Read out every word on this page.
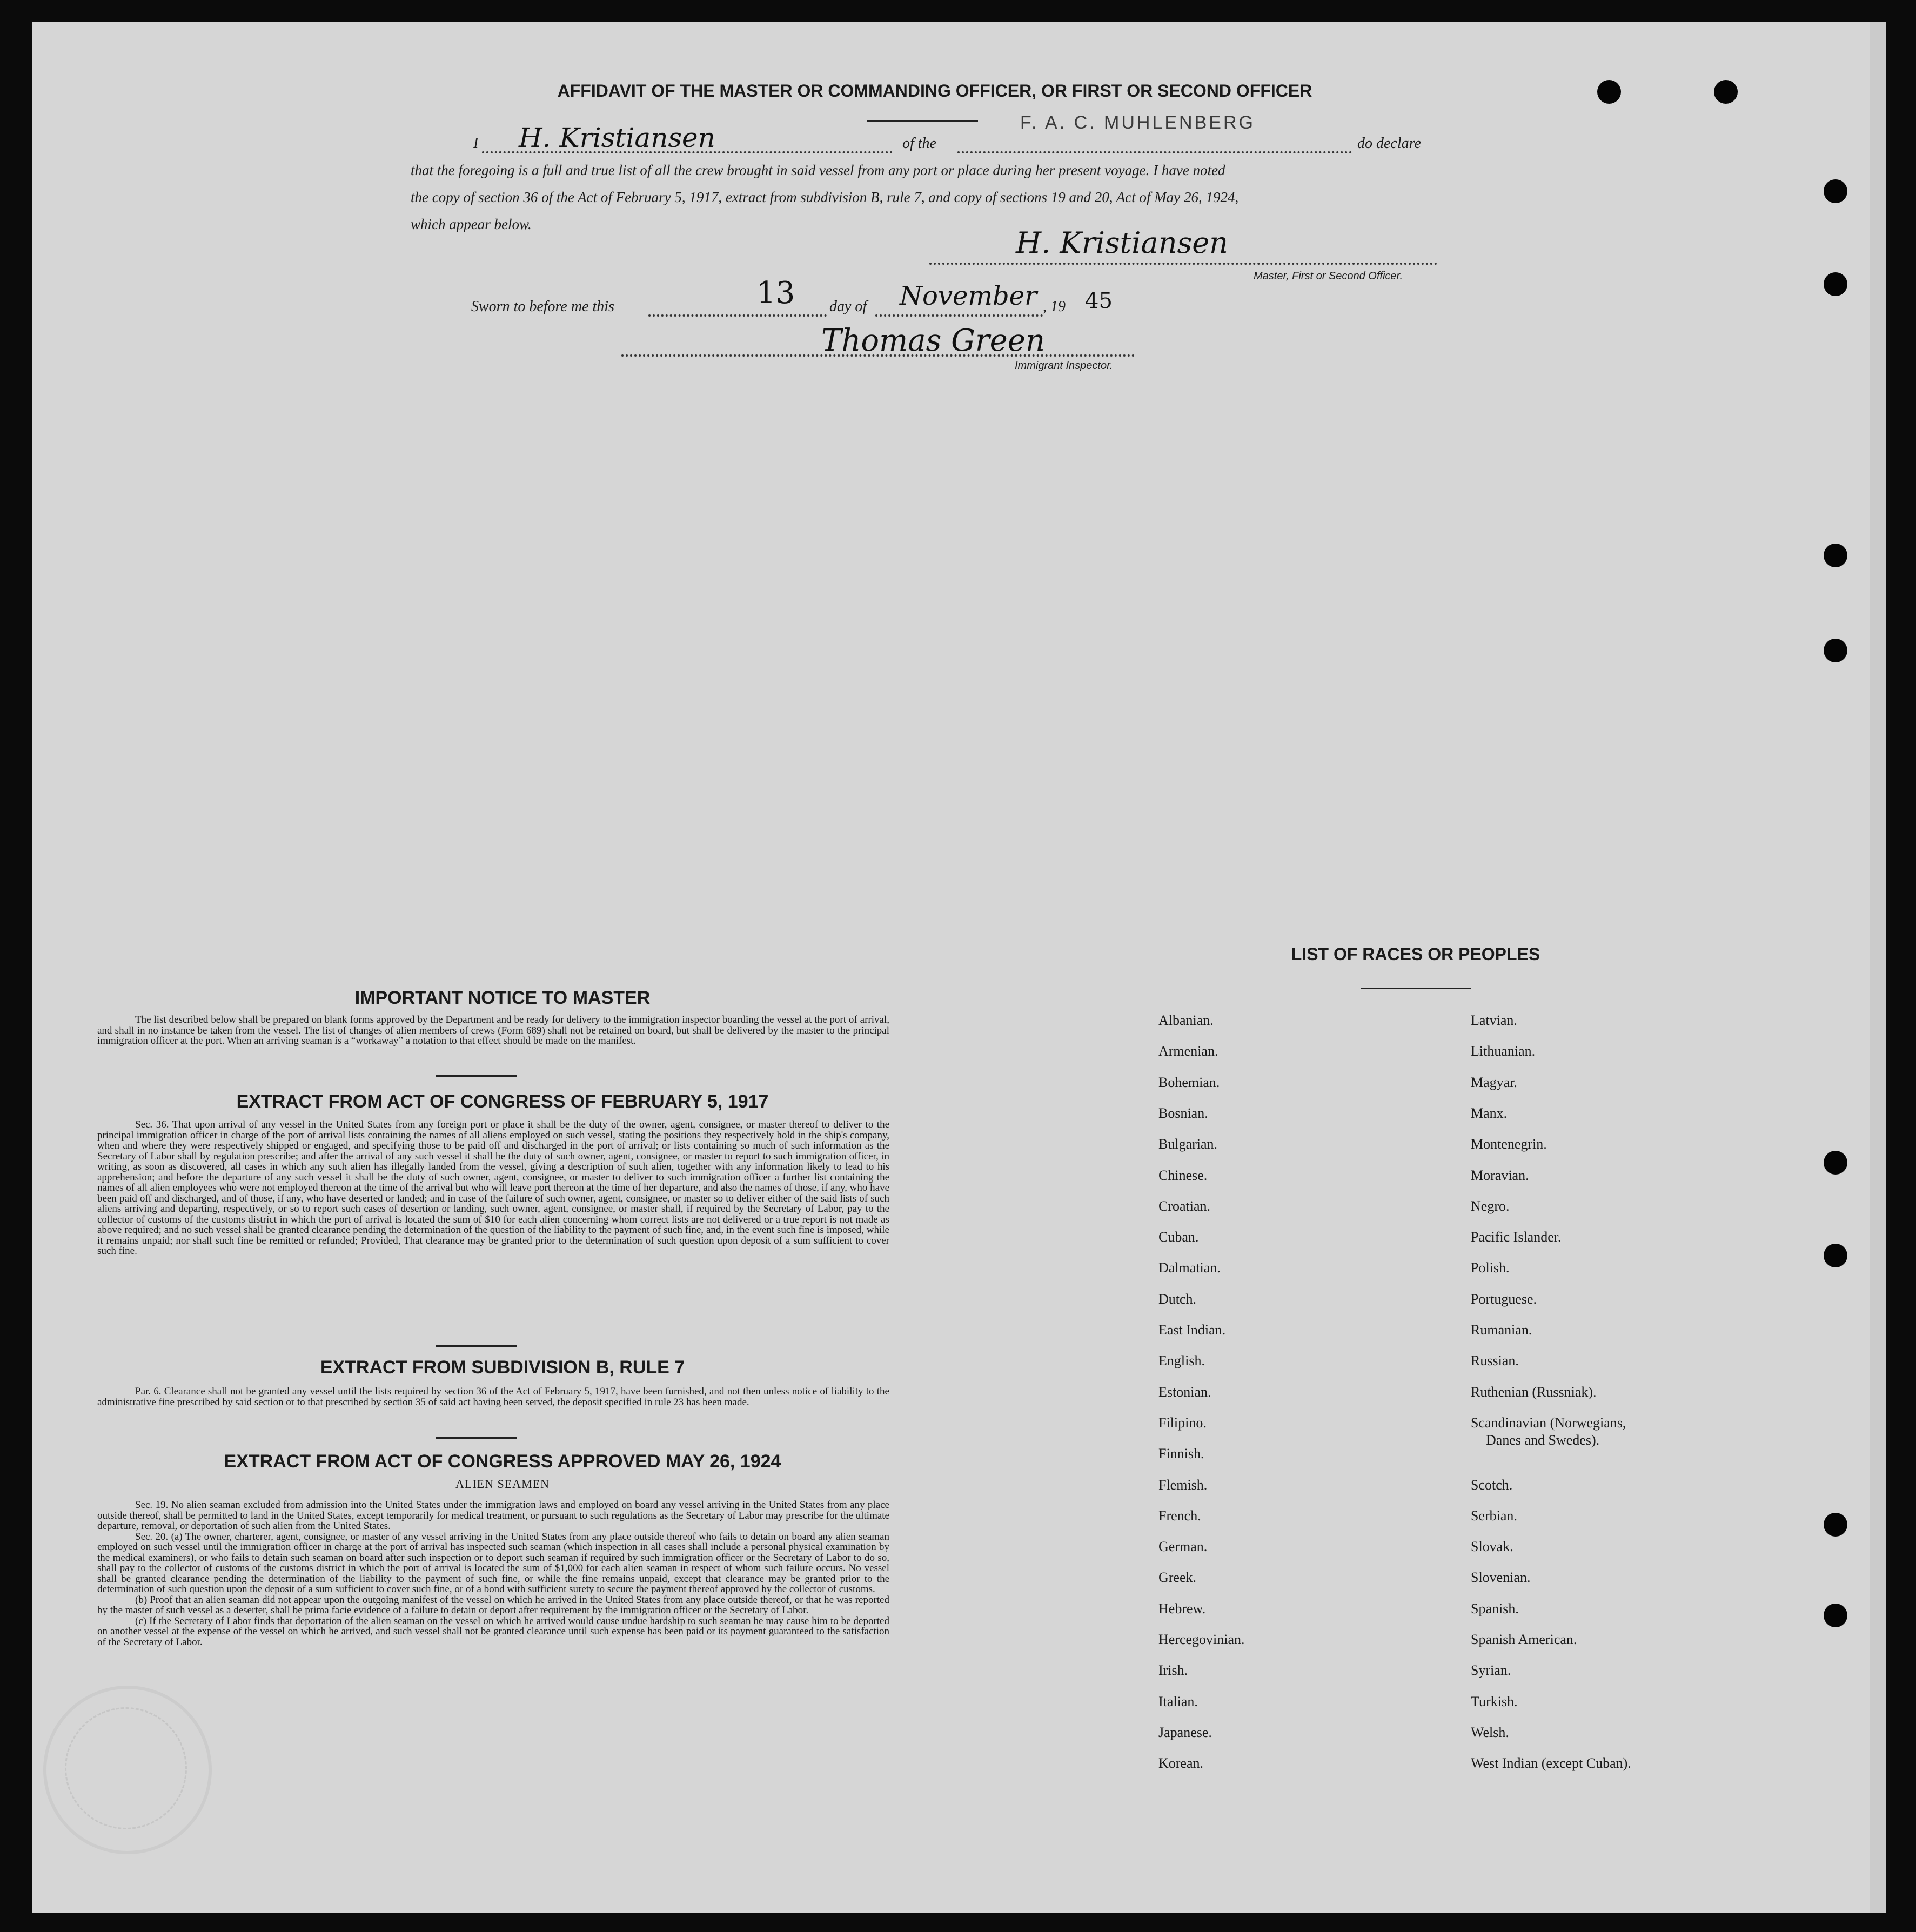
AFFIDAVIT OF THE MASTER OR COMMANDING OFFICER, OR FIRST OR SECOND OFFICER
I H. Kristiansen	of the
F. A. C. MUHLENBERG
do declare
that the foregoing is a full and true list of all the crew brought in said vessel from any port or place during her present voyage. I have noted
the copy of section 36 of the Act of February 5, 1917, extract from subdivision B, rule 7, and copy of sections 19 and 20, Act of May 26, 1924,
which appear below.
H. Kristiansen
Master, First or Second Officer.
Sworn to before me this	13 day of November , 19 45
Thomas Green
Immigrant Inspector.
IMPORTANT NOTICE TO MASTER

The list described below shall be prepared on blank forms approved by the Department and be ready for delivery to the immigration inspector boarding the vessel at the port of arrival, and shall in no instance be taken from the vessel. The list of changes of alien members of crews (Form 689) shall not be retained on board, but shall be delivered by the master to the principal immigration officer at the port. When an arriving seaman is a “workaway” a notation to that effect should be made on the manifest.

EXTRACT FROM ACT OF CONGRESS OF FEBRUARY 5, 1917

Sec. 36. That upon arrival of any vessel in the United States from any foreign port or place it shall be the duty of the owner, agent, consignee, or master thereof to deliver to the principal immigration officer in charge of the port of arrival lists containing the names of all aliens employed on such vessel, stating the positions they respectively hold in the ship's company, when and where they were respectively shipped or engaged, and specifying those to be paid off and discharged in the port of arrival; or lists containing so much of such information as the Secretary of Labor shall by regulation prescribe; and after the arrival of any such vessel it shall be the duty of such owner, agent, consignee, or master to report to such immigration officer, in writing, as soon as discovered, all cases in which any such alien has illegally landed from the vessel, giving a description of such alien, together with any information likely to lead to his apprehension; and before the departure of any such vessel it shall be the duty of such owner, agent, consignee, or master to deliver to such immigration officer a further list containing the names of all alien employees who were not employed thereon at the time of the arrival but who will leave port thereon at the time of her departure, and also the names of those, if any, who have been paid off and discharged, and of those, if any, who have deserted or landed; and in case of the failure of such owner, agent, consignee, or master so to deliver either of the said lists of such aliens arriving and departing, respectively, or so to report such cases of desertion or landing, such owner, agent, consignee, or master shall, if required by the Secretary of Labor, pay to the collector of customs of the customs district in which the port of arrival is located the sum of $10 for each alien concerning whom correct lists are not delivered or a true report is not made as above required; and no such vessel shall be granted clearance pending the determination of the question of the liability to the payment of such fine, and, in the event such fine is imposed, while it remains unpaid; nor shall such fine be remitted or refunded; Provided, That clearance may be granted prior to the determination of such question upon deposit of a sum sufficient to cover such fine.

EXTRACT FROM SUBDIVISION B, RULE 7

Par. 6. Clearance shall not be granted any vessel until the lists required by section 36 of the Act of February 5, 1917, have been furnished, and not then unless notice of liability to the administrative fine prescribed by said section or to that prescribed by section 35 of said act having been served, the deposit specified in rule 23 has been made.

EXTRACT FROM ACT OF CONGRESS APPROVED MAY 26, 1924
ALIEN SEAMEN

Sec. 19. No alien seaman excluded from admission into the United States under the immigration laws and employed on board any vessel arriving in the United States from any place outside thereof, shall be permitted to land in the United States, except temporarily for medical treatment, or pursuant to such regulations as the Secretary of Labor may prescribe for the ultimate departure, removal, or deportation of such alien from the United States.

Sec. 20. (a) The owner, charterer, agent, consignee, or master of any vessel arriving in the United States from any place outside thereof who fails to detain on board any alien seaman employed on such vessel until the immigration officer in charge at the port of arrival has inspected such seaman (which inspection in all cases shall include a personal physical examination by the medical examiners), or who fails to detain such seaman on board after such inspection or to deport such seaman if required by such immigration officer or the Secretary of Labor to do so, shall pay to the collector of customs of the customs district in which the port of arrival is located the sum of $1,000 for each alien seaman in respect of whom such failure occurs. No vessel shall be granted clearance pending the determination of the liability to the payment of such fine, or while the fine remains unpaid, except that clearance may be granted prior to the determination of such question upon the deposit of a sum sufficient to cover such fine, or of a bond with sufficient surety to secure the payment thereof approved by the collector of customs.

(b) Proof that an alien seaman did not appear upon the outgoing manifest of the vessel on which he arrived in the United States from any place outside thereof, or that he was reported by the master of such vessel as a deserter, shall be prima facie evidence of a failure to detain or deport after requirement by the immigration officer or the Secretary of Labor.

(c) If the Secretary of Labor finds that deportation of the alien seaman on the vessel on which he arrived would cause undue hardship to such seaman he may cause him to be deported on another vessel at the expense of the vessel on which he arrived, and such vessel shall not be granted clearance until such expense has been paid or its payment guaranteed to the satisfaction of the Secretary of Labor.

LIST OF RACES OR PEOPLES
Albanian.
Armenian.
Bohemian.
Bosnian.
Bulgarian.
Chinese.
Croatian.
Cuban.
Dalmatian.
Dutch.
East Indian.
English.
Estonian.
Filipino.
Finnish.
Flemish.
French.
German.
Greek.
Hebrew.
Hercegovinian.
Irish.
Italian.
Japanese.
Korean.
Latvian.
Lithuanian.
Magyar.
Manx.
Montenegrin.
Moravian.
Negro.
Pacific Islander.
Polish.
Portuguese.
Rumanian.
Russian.
Ruthenian (Russniak).
Scandinavian (Norwegians,
Scotch.
Serbian.
Slovak.
Slovenian.
Spanish.
Spanish American.
Syrian.
Turkish.
Welsh.
West Indian (except Cuban).
Danes and Swedes).
